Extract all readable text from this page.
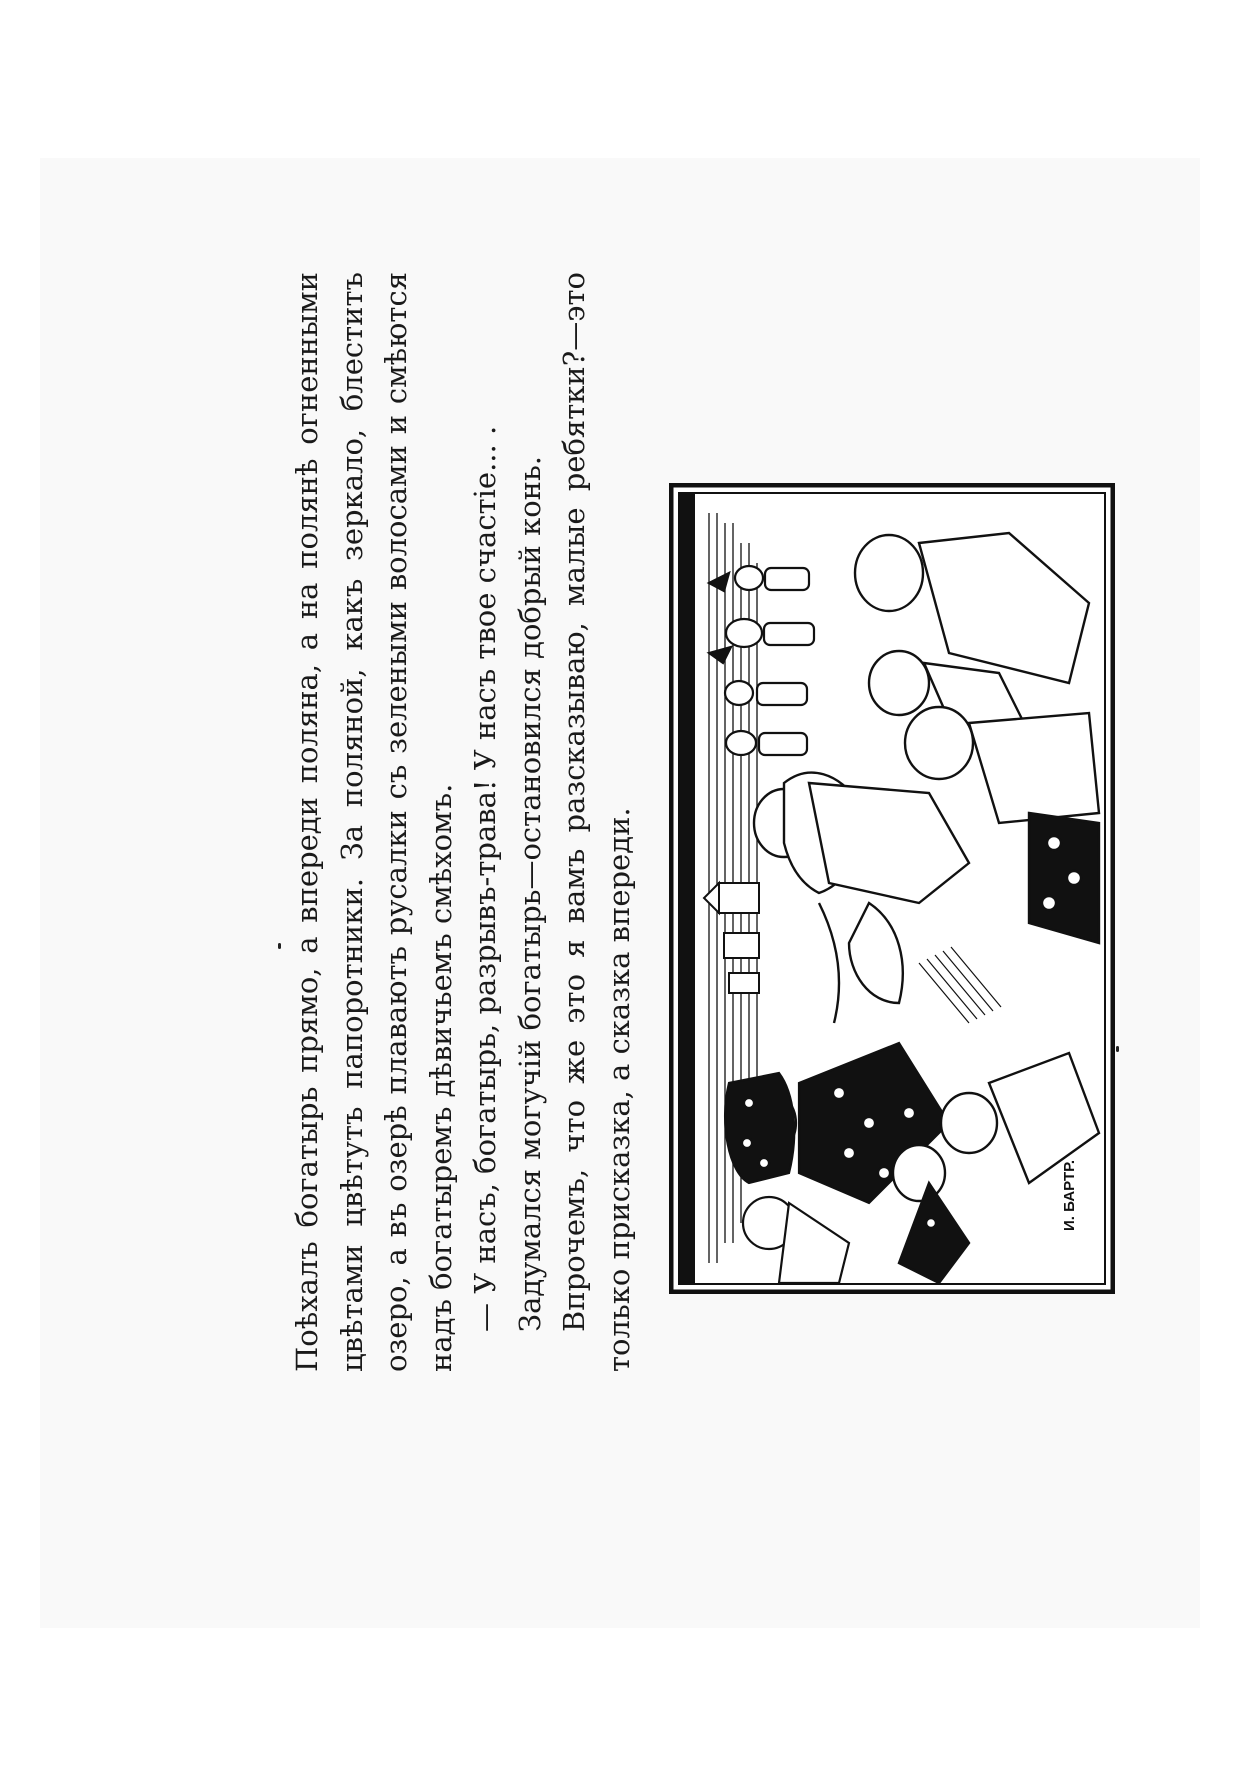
Поѣхалъ богатырь прямо, а впереди поляна, а на полянѣ огненными цвѣтами цвѣтутъ папоротники. За поляной, какъ зеркало, блеститъ озеро, а въ озерѣ плаваютъ русалки съ зелеными волосами и смѣются надъ богатыремъ дѣвичьемъ смѣхомъ. — У насъ, богатырь, разрывъ-трава! У насъ твое счастіе... . Задумался могучій богатырь—остановился добрый конь. Впрочемъ, что же это я вамъ разсказываю, малые ребятки?—это только присказка, а сказка впереди.	И. БАРТР.
